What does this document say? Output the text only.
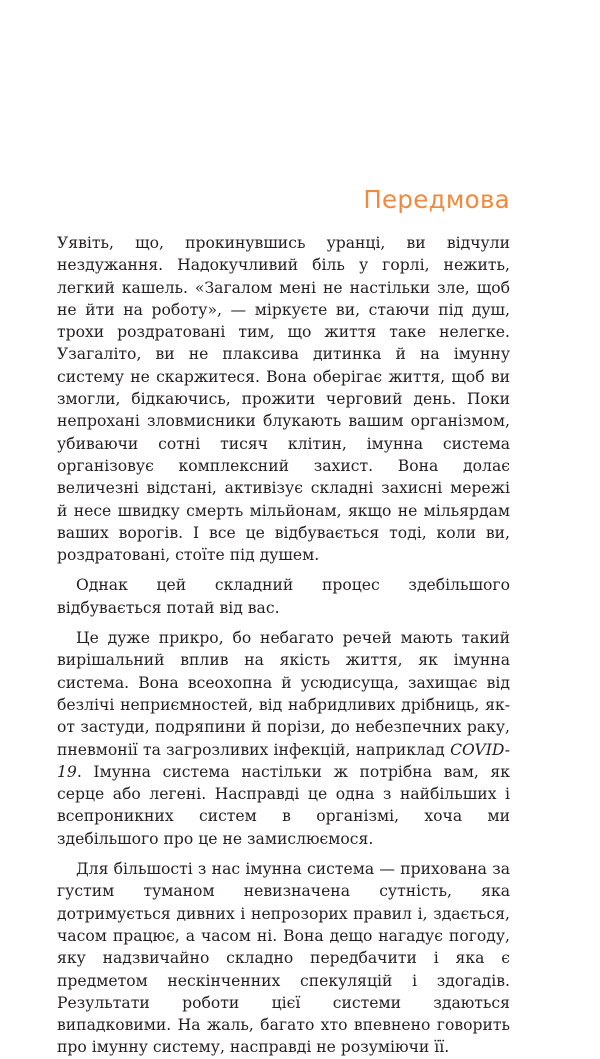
Передмова

Уявіть, що, прокинувшись уранці, ви відчули нездужання. Надокучливий біль у горлі, нежить, легкий кашель. «Загалом мені не настільки зле, щоб не йти на роботу», — міркуєте ви, стаючи під душ, трохи роздратовані тим, що життя таке нелегке. Узагаліто, ви не плаксива дитинка й на імунну систему не скаржитеся. Вона оберігає життя, щоб ви змогли, бідкаючись, прожити черговий день. Поки непрохані зловмисники блукають вашим організмом, убиваючи сотні тисяч клітин, імунна система організовує комплексний захист. Вона долає величезні відстані, активізує складні захисні мережі й несе швидку смерть мільйонам, якщо не мільярдам ваших ворогів. І все це відбувається тоді, коли ви, роздратовані, стоїте під душем.

Однак цей складний процес здебільшого відбувається потай від вас.

Це дуже прикро, бо небагато речей мають такий вирішальний вплив на якість життя, як імунна система. Вона всеохопна й усюдисуща, захищає від безлічі неприємностей, від набридливих дрібниць, як-от застуди, подряпини й порізи, до небезпечних раку, пневмонії та загрозливих інфекцій, наприклад COVID-19. Імунна система настільки ж потрібна вам, як серце або легені. Насправді це одна з найбільших і всепроникних систем в організмі, хоча ми здебільшого про це не замислюємося.

Для більшості з нас імунна система — прихована за густим туманом невизначена сутність, яка дотримується дивних і непрозорих правил і, здається, часом працює, а часом ні. Вона дещо нагадує погоду, яку надзвичайно складно передбачити і яка є предметом нескінченних спекуляцій і здогадів. Результати роботи цієї системи здаються випадковими. На жаль, багато хто впевнено говорить про імунну систему, насправді не розуміючи її.
